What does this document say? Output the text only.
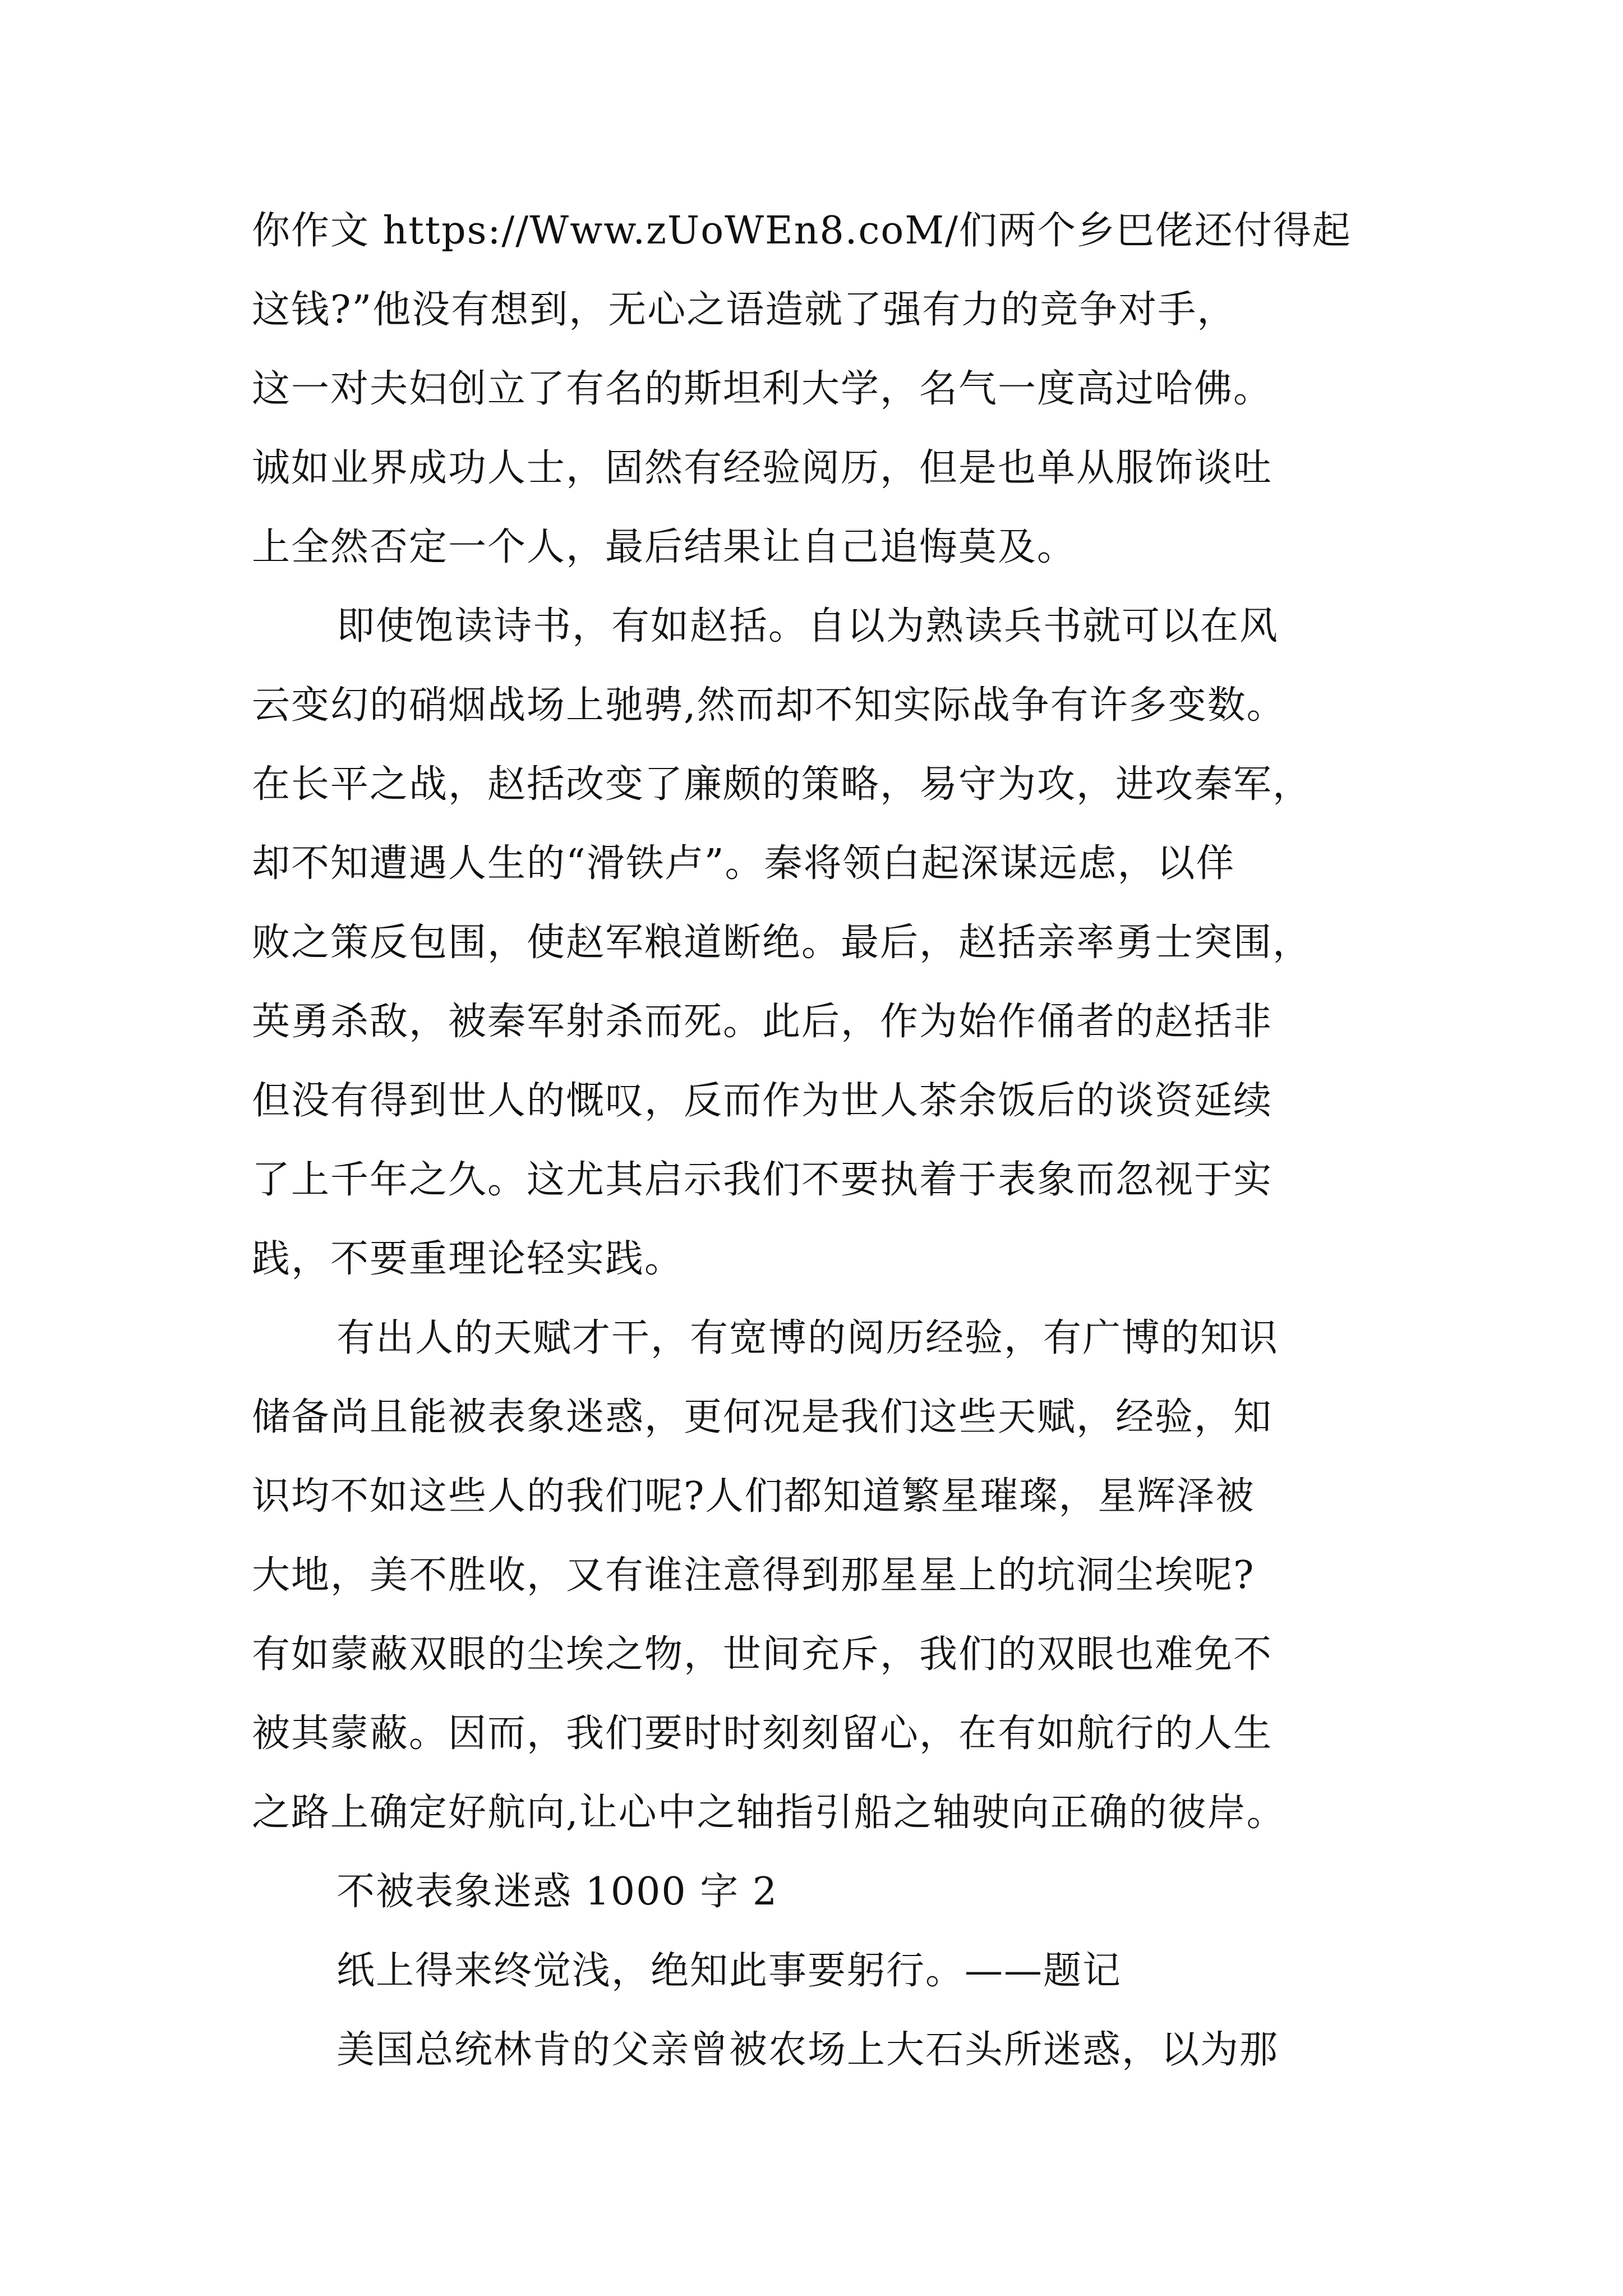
你作文 https://Www.zUoWEn8.coM/们两个乡巴佬还付得起
这钱?”他没有想到，无心之语造就了强有力的竞争对手，
这一对夫妇创立了有名的斯坦利大学，名气一度高过哈佛。
诚如业界成功人士，固然有经验阅历，但是也单从服饰谈吐
上全然否定一个人，最后结果让自己追悔莫及。
即使饱读诗书，有如赵括。自以为熟读兵书就可以在风
云变幻的硝烟战场上驰骋,然而却不知实际战争有许多变数。
在长平之战，赵括改变了廉颇的策略，易守为攻，进攻秦军，
却不知遭遇人生的“滑铁卢”。秦将领白起深谋远虑，以佯
败之策反包围，使赵军粮道断绝。最后，赵括亲率勇士突围，
英勇杀敌，被秦军射杀而死。此后，作为始作俑者的赵括非
但没有得到世人的慨叹，反而作为世人茶余饭后的谈资延续
了上千年之久。这尤其启示我们不要执着于表象而忽视于实
践，不要重理论轻实践。
有出人的天赋才干，有宽博的阅历经验，有广博的知识
储备尚且能被表象迷惑，更何况是我们这些天赋，经验，知
识均不如这些人的我们呢?人们都知道繁星璀璨，星辉泽被
大地，美不胜收，又有谁注意得到那星星上的坑洞尘埃呢?
有如蒙蔽双眼的尘埃之物，世间充斥，我们的双眼也难免不
被其蒙蔽。因而，我们要时时刻刻留心，在有如航行的人生
之路上确定好航向,让心中之轴指引船之轴驶向正确的彼岸。
不被表象迷惑 1000 字 2
纸上得来终觉浅，绝知此事要躬行。——题记
美国总统林肯的父亲曾被农场上大石头所迷惑，以为那
